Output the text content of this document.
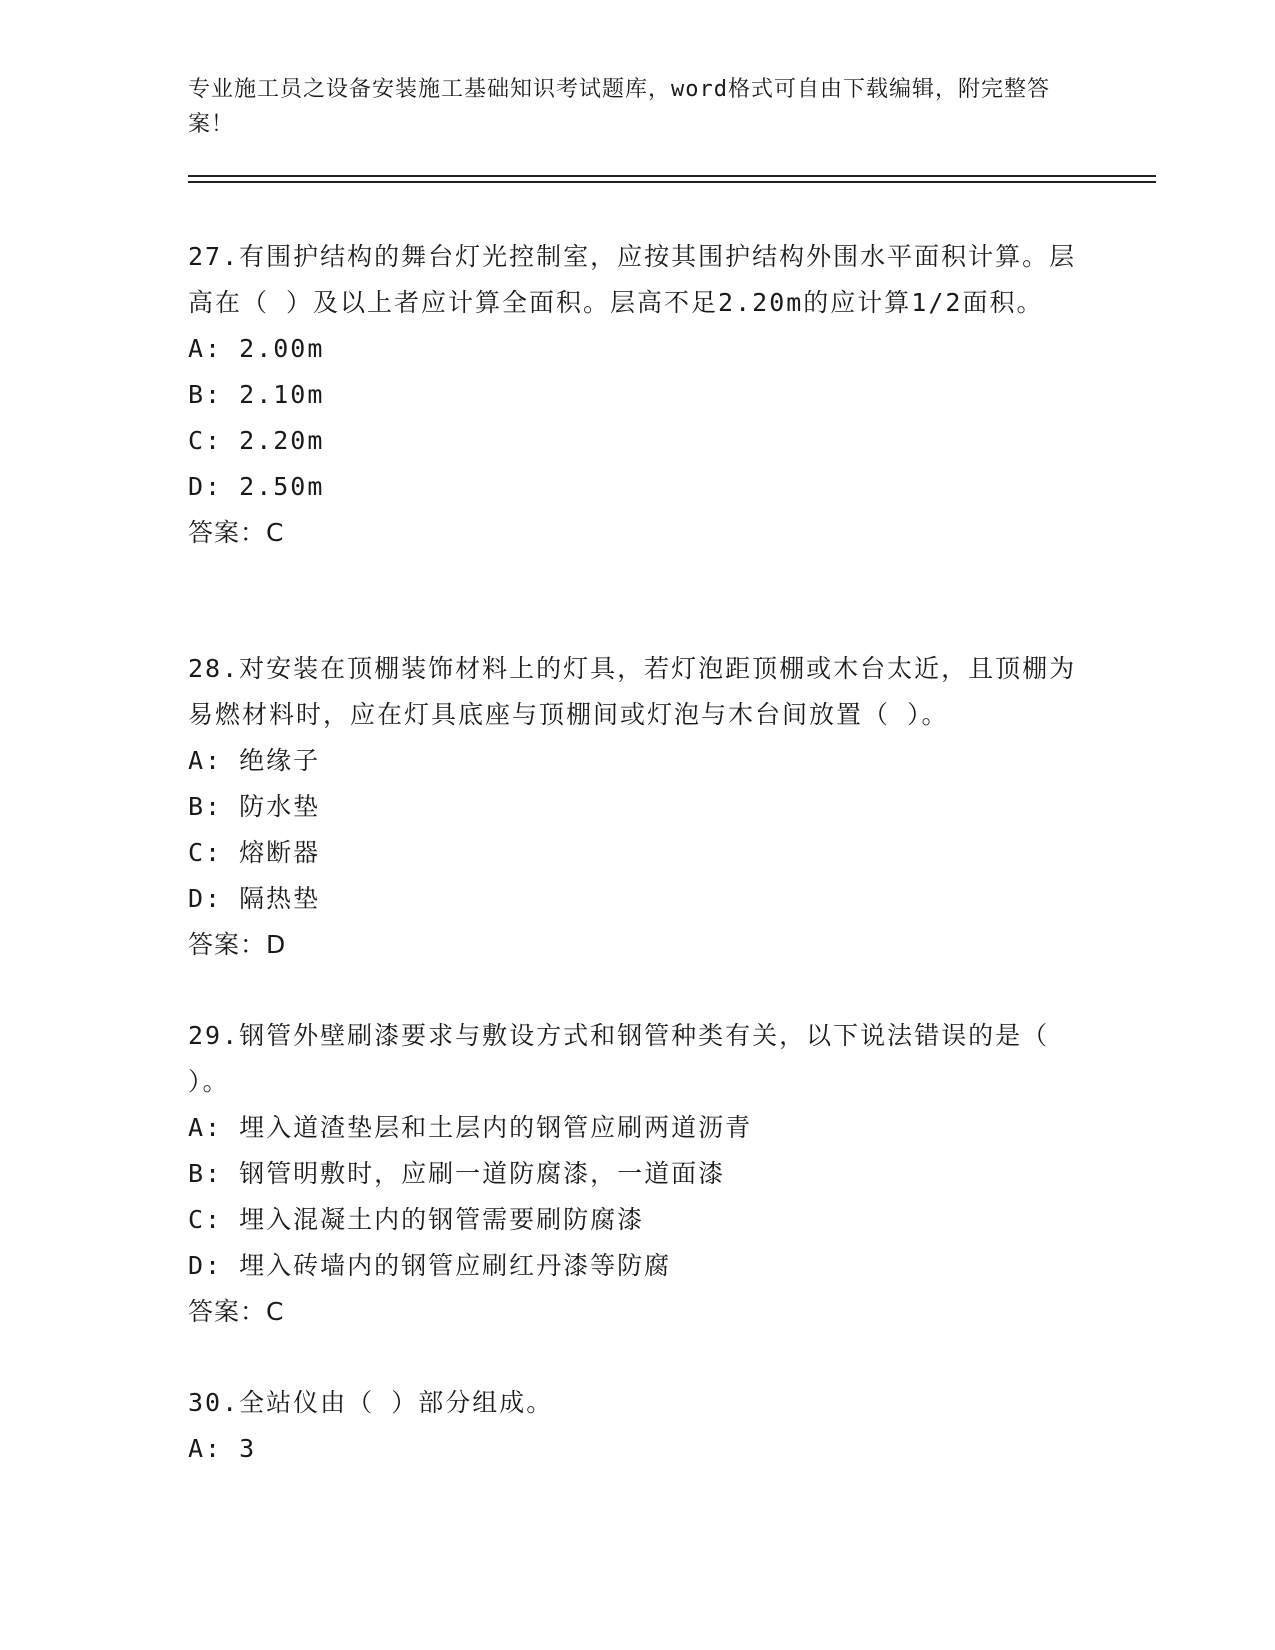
专业施工员之设备安装施工基础知识考试题库，word格式可自由下载编辑，附完整答案！

27.有围护结构的舞台灯光控制室，应按其围护结构外围水平面积计算。层高在（ ）及以上者应计算全面积。层高不足2.20m的应计算1/2面积。

A: 2.00m

B: 2.10m

C: 2.20m

D: 2.50m

答案：C

28.对安装在顶棚装饰材料上的灯具，若灯泡距顶棚或木台太近，且顶棚为易燃材料时，应在灯具底座与顶棚间或灯泡与木台间放置（ ）。

A: 绝缘子

B: 防水垫

C: 熔断器

D: 隔热垫

答案：D

29.钢管外壁刷漆要求与敷设方式和钢管种类有关，以下说法错误的是（ ）。

A: 埋入道渣垫层和土层内的钢管应刷两道沥青

B: 钢管明敷时，应刷一道防腐漆，一道面漆

C: 埋入混凝土内的钢管需要刷防腐漆

D: 埋入砖墙内的钢管应刷红丹漆等防腐

答案：C

30.全站仪由（ ）部分组成。

A: 3
